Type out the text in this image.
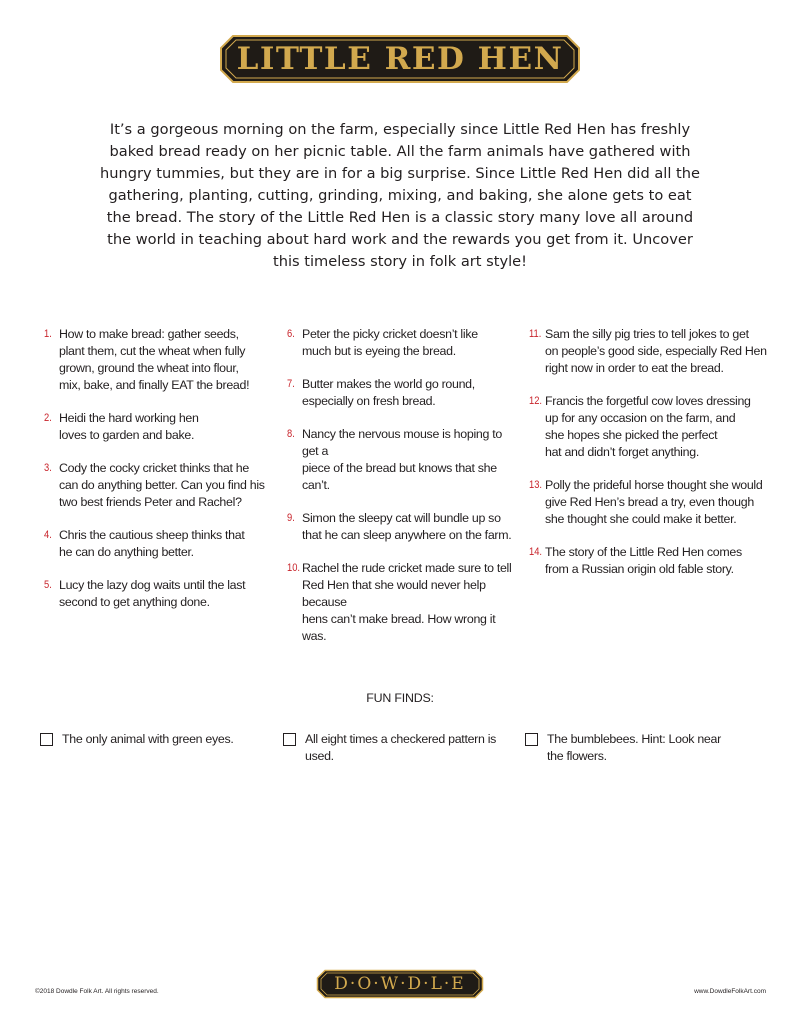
LITTLE RED HEN
It’s a gorgeous morning on the farm, especially since Little Red Hen has freshly baked bread ready on her picnic table. All the farm animals have gathered with hungry tummies, but they are in for a big surprise. Since Little Red Hen did all the gathering, planting, cutting, grinding, mixing, and baking, she alone gets to eat the bread. The story of the Little Red Hen is a classic story many love all around the world in teaching about hard work and the rewards you get from it. Uncover this timeless story in folk art style!
1. How to make bread: gather seeds,
plant them, cut the wheat when fully
grown, ground the wheat into flour,
mix, bake, and finally EAT the bread!
2. Heidi the hard working hen
loves to garden and bake.
3. Cody the cocky cricket thinks that he
can do anything better. Can you find his
two best friends Peter and Rachel?
4. Chris the cautious sheep thinks that
he can do anything better.
5. Lucy the lazy dog waits until the last
second to get anything done.
6. Peter the picky cricket doesn’t like
much but is eyeing the bread.
7. Butter makes the world go round,
especially on fresh bread.
8. Nancy the nervous mouse is hoping to get a
piece of the bread but knows that she can’t.
9. Simon the sleepy cat will bundle up so
that he can sleep anywhere on the farm.
10. Rachel the rude cricket made sure to tell
Red Hen that she would never help because
hens can’t make bread. How wrong it was.
11. Sam the silly pig tries to tell jokes to get
on people’s good side, especially Red Hen
right now in order to eat the bread.
12. Francis the forgetful cow loves dressing
up for any occasion on the farm, and
she hopes she picked the perfect
hat and didn’t forget anything.
13. Polly the prideful horse thought she would
give Red Hen’s bread a try, even though
she thought she could make it better.
14. The story of the Little Red Hen comes
from a Russian origin old fable story.
FUN FINDS:
The only animal with green eyes.	All eight times a checkered pattern is used.
The bumblebees. Hint: Look near
the flowers.
©2018 Dowdle Folk Art. All rights reserved.	D·O·W·D·L·E	www.DowdleFolkArt.com
